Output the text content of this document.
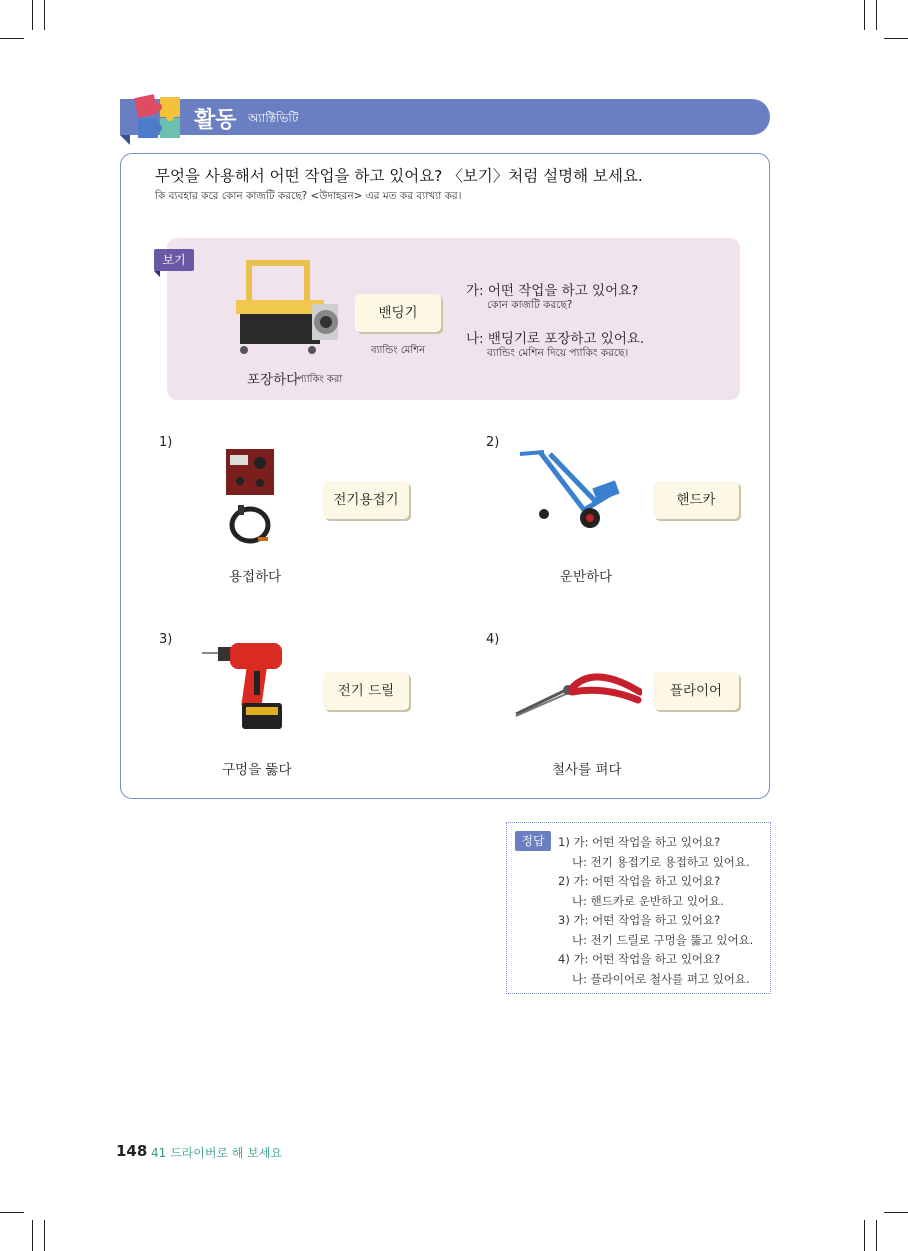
활동 অ্যাক্টিভিটি
무엇을 사용해서 어떤 작업을 하고 있어요? 〈보기〉처럼 설명해 보세요.
কি ব্যবহার করে কোন কাজটি করছে? <উদাহরন> এর মত কর ব্যাখ্যা কর।
보기
밴딩기
ব্যান্ডিং মেশিন
포장하다
প্যাকিং করা
가: 어떤 작업을 하고 있어요?
কোন কাজটি করছে?
나: 밴딩기로 포장하고 있어요.
ব্যান্ডিং মেশিন দিয়ে প্যাকিং করছে।
1)
전기용접기
용접하다
2)
핸드카
운반하다
3)
전기 드릴
구멍을 뚫다
4)
플라이어
철사를 펴다
정답	1) 가: 어떤 작업을 하고 있어요?
나: 전기 용접기로 용접하고 있어요.
2) 가: 어떤 작업을 하고 있어요?
나: 핸드카로 운반하고 있어요.
3) 가: 어떤 작업을 하고 있어요?
나: 전기 드릴로 구멍을 뚫고 있어요.
4) 가: 어떤 작업을 하고 있어요?
나: 플라이어로 철사를 펴고 있어요.
148 41 드라이버로 해 보세요
